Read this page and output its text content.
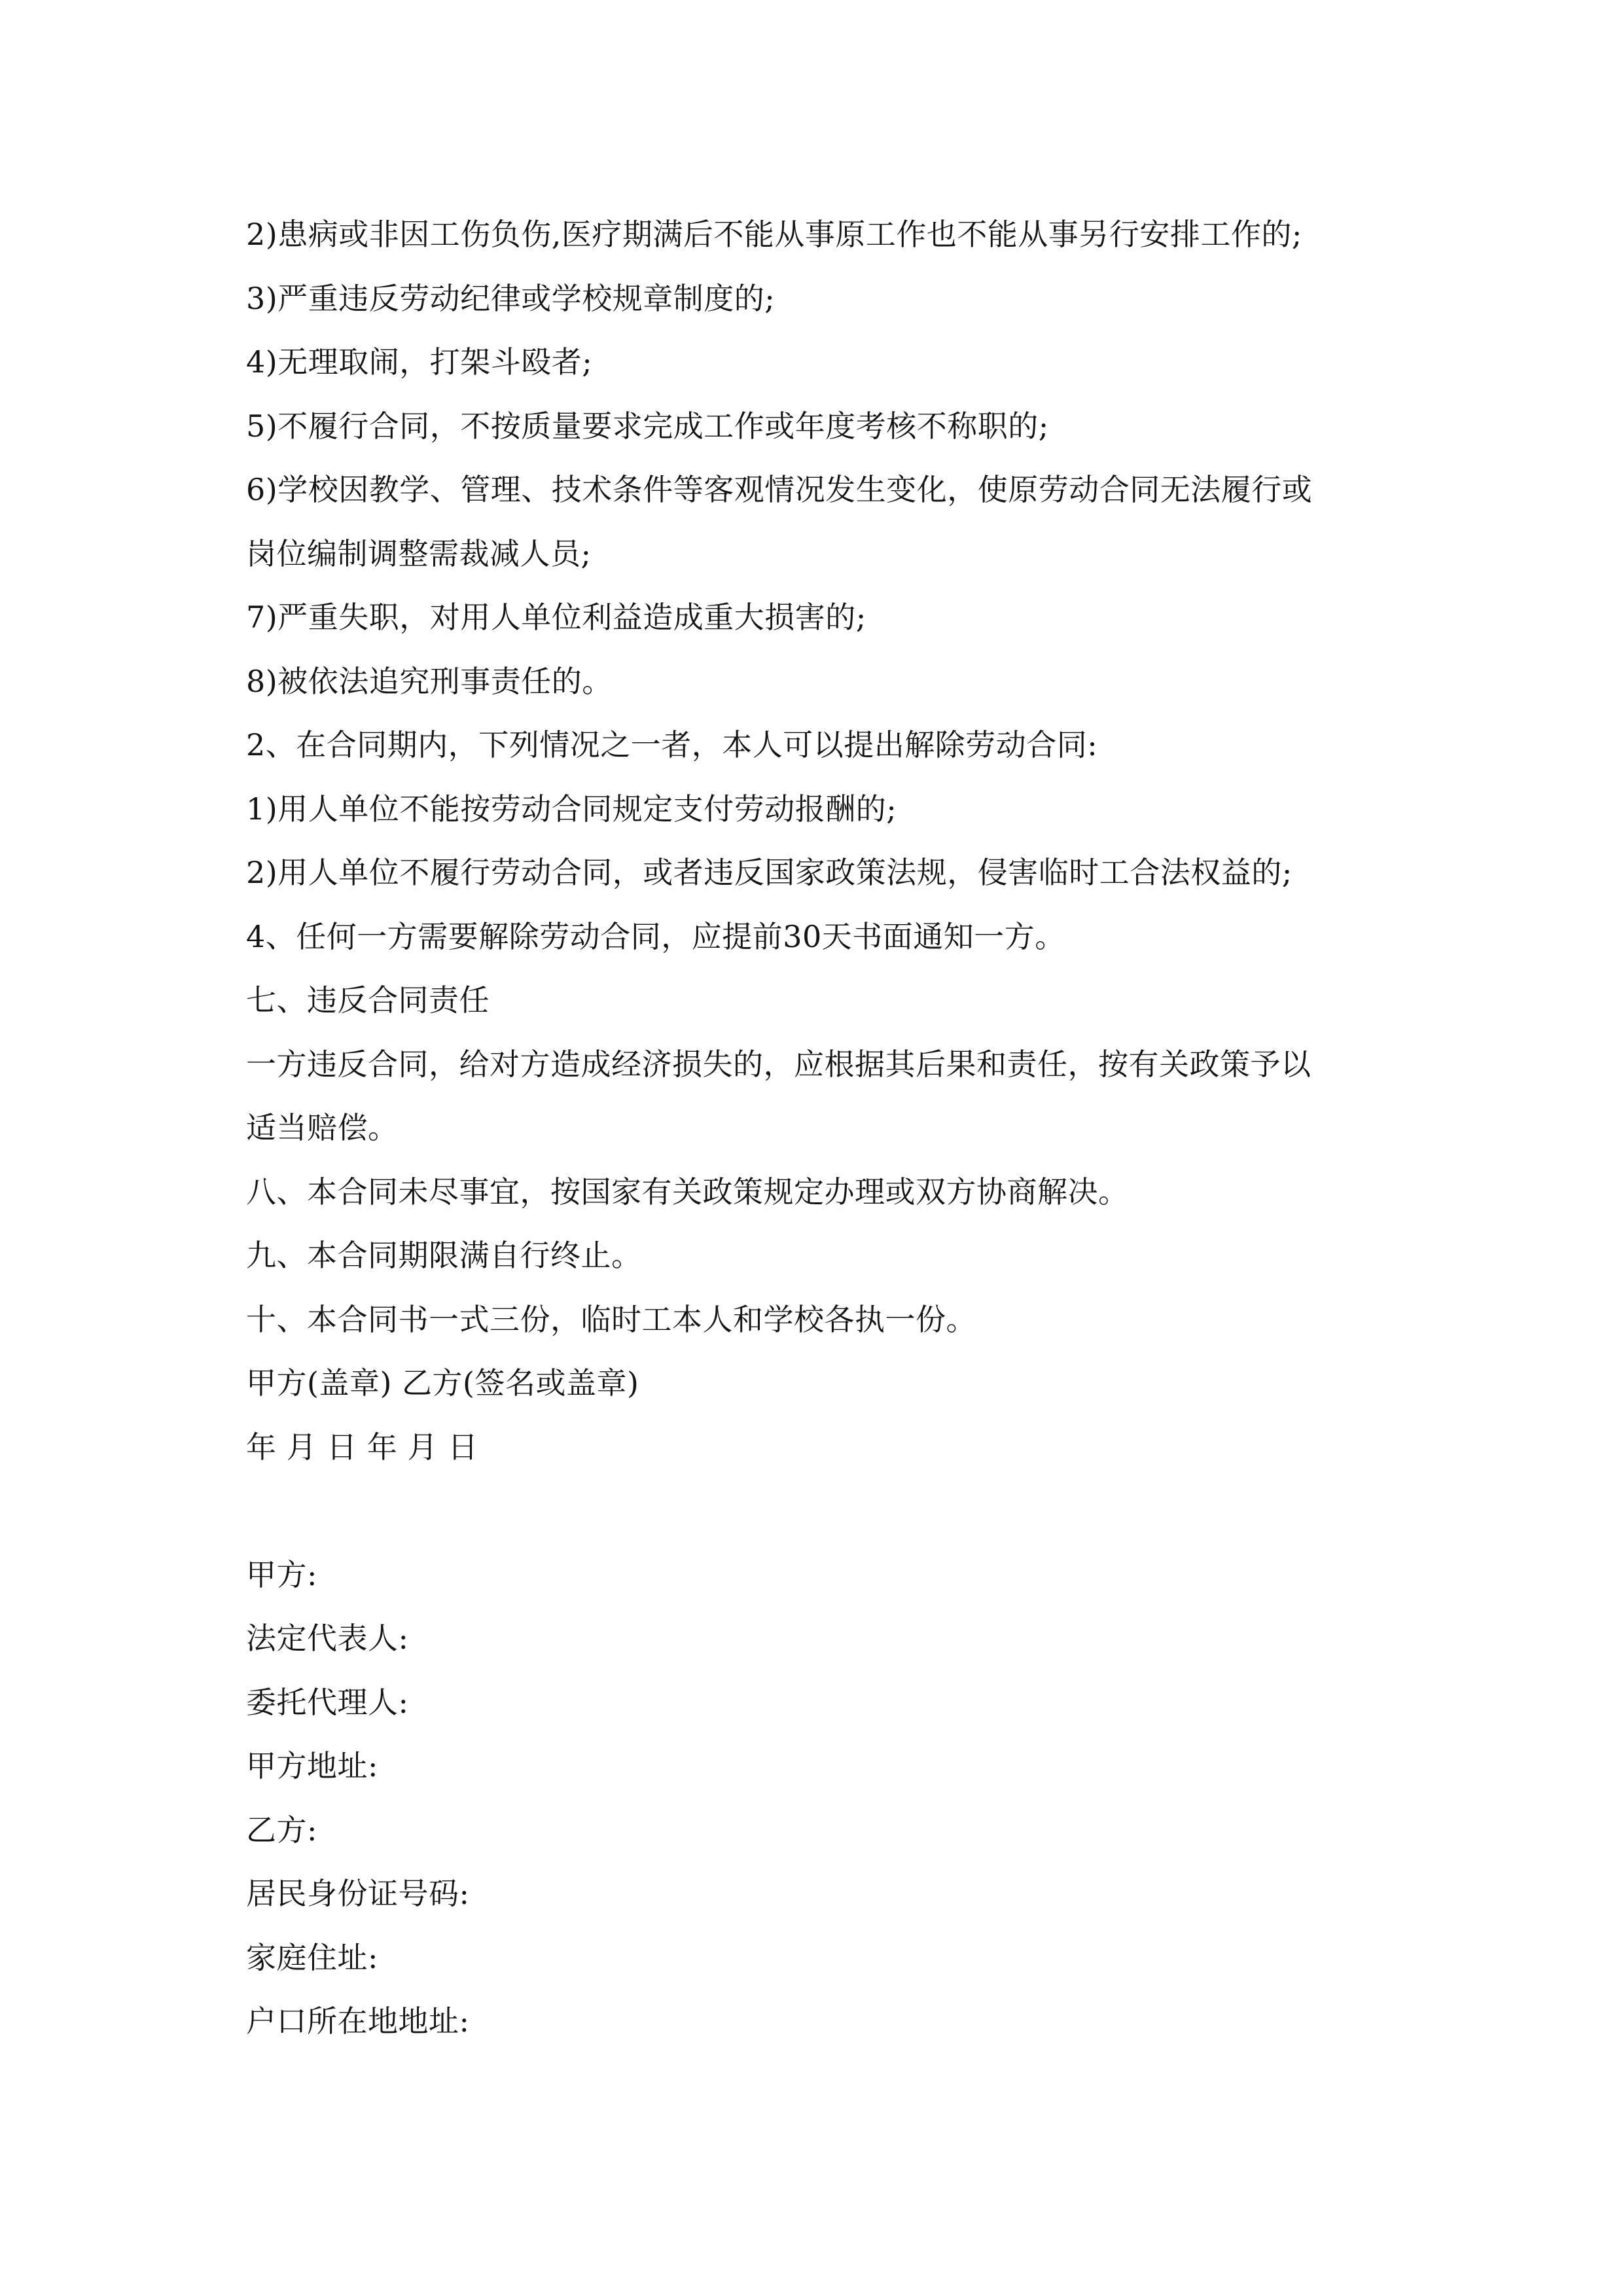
2)患病或非因工伤负伤,医疗期满后不能从事原工作也不能从事另行安排工作的;
3)严重违反劳动纪律或学校规章制度的;
4)无理取闹，打架斗殴者;
5)不履行合同，不按质量要求完成工作或年度考核不称职的;
6)学校因教学、管理、技术条件等客观情况发生变化，使原劳动合同无法履行或
岗位编制调整需裁减人员;
7)严重失职，对用人单位利益造成重大损害的;
8)被依法追究刑事责任的。
2、在合同期内，下列情况之一者，本人可以提出解除劳动合同:
1)用人单位不能按劳动合同规定支付劳动报酬的;
2)用人单位不履行劳动合同，或者违反国家政策法规，侵害临时工合法权益的;
4、任何一方需要解除劳动合同，应提前30天书面通知一方。
七、违反合同责任
一方违反合同，给对方造成经济损失的，应根据其后果和责任，按有关政策予以
适当赔偿。
八、本合同未尽事宜，按国家有关政策规定办理或双方协商解决。
九、本合同期限满自行终止。
十、本合同书一式三份，临时工本人和学校各执一份。
甲方(盖章) 乙方(签名或盖章)
年 月 日 年 月 日
甲方:
法定代表人:
委托代理人:
甲方地址:
乙方:
居民身份证号码:
家庭住址:
户口所在地地址:
